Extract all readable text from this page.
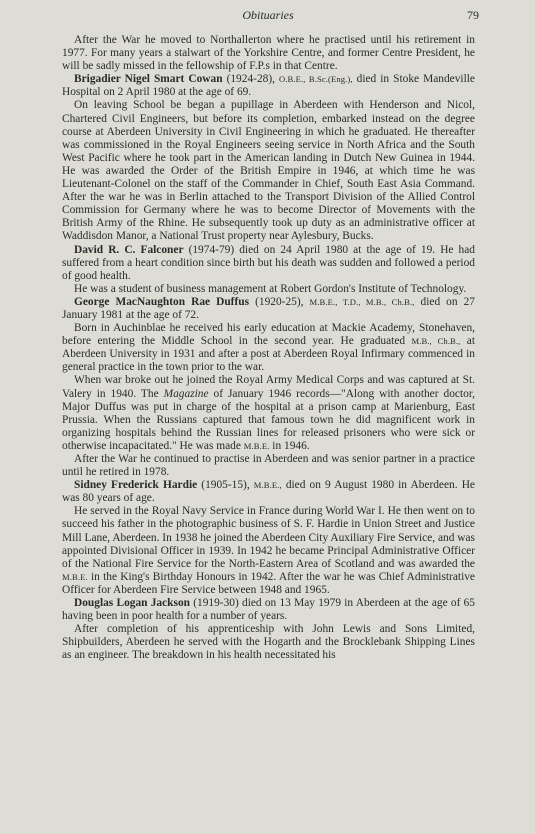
Obituaries	79

After the War he moved to Northallerton where he practised until his retirement in 1977. For many years a stalwart of the Yorkshire Centre, and former Centre President, he will be sadly missed in the fellowship of F.P.s in that Centre.

Brigadier Nigel Smart Cowan (1924-28), O.B.E., B.Sc.(Eng.), died in Stoke Mandeville Hospital on 2 April 1980 at the age of 69.

On leaving School be began a pupillage in Aberdeen with Henderson and Nicol, Chartered Civil Engineers, but before its completion, embarked instead on the degree course at Aberdeen University in Civil Engineering in which he graduated. He thereafter was commissioned in the Royal Engineers seeing service in North Africa and the South West Pacific where he took part in the American landing in Dutch New Guinea in 1944. He was awarded the Order of the British Empire in 1946, at which time he was Lieutenant-Colonel on the staff of the Commander in Chief, South East Asia Command. After the war he was in Berlin attached to the Transport Division of the Allied Control Commission for Germany where he was to become Director of Movements with the British Army of the Rhine. He subsequently took up duty as an administrative officer at Waddisdon Manor, a National Trust property near Aylesbury, Bucks.

David R. C. Falconer (1974-79) died on 24 April 1980 at the age of 19. He had suffered from a heart condition since birth but his death was sudden and followed a period of good health.

He was a student of business management at Robert Gordon's Institute of Technology.

George MacNaughton Rae Duffus (1920-25), M.B.E., T.D., M.B., Ch.B., died on 27 January 1981 at the age of 72.

Born in Auchinblae he received his early education at Mackie Academy, Stonehaven, before entering the Middle School in the second year. He graduated M.B., Ch.B., at Aberdeen University in 1931 and after a post at Aberdeen Royal Infirmary commenced in general practice in the town prior to the war.

When war broke out he joined the Royal Army Medical Corps and was captured at St. Valery in 1940. The Magazine of January 1946 records—"Along with another doctor, Major Duffus was put in charge of the hospital at a prison camp at Marienburg, East Prussia. When the Russians captured that famous town he did magnificent work in organizing hospitals behind the Russian lines for released prisoners who were sick or otherwise incapacitated." He was made M.B.E. in 1946.

After the War he continued to practise in Aberdeen and was senior partner in a practice until he retired in 1978.

Sidney Frederick Hardie (1905-15), M.B.E., died on 9 August 1980 in Aberdeen. He was 80 years of age.

He served in the Royal Navy Service in France during World War I. He then went on to succeed his father in the photographic business of S. F. Hardie in Union Street and Justice Mill Lane, Aberdeen. In 1938 he joined the Aberdeen City Auxiliary Fire Service, and was appointed Divisional Officer in 1939. In 1942 he became Principal Administrative Officer of the National Fire Service for the North-Eastern Area of Scotland and was awarded the M.B.E. in the King's Birthday Honours in 1942. After the war he was Chief Administrative Officer for Aberdeen Fire Service between 1948 and 1965.

Douglas Logan Jackson (1919-30) died on 13 May 1979 in Aberdeen at the age of 65 having been in poor health for a number of years.

After completion of his apprenticeship with John Lewis and Sons Limited, Shipbuilders, Aberdeen he served with the Hogarth and the Brocklebank Shipping Lines as an engineer. The breakdown in his health necessitated his
